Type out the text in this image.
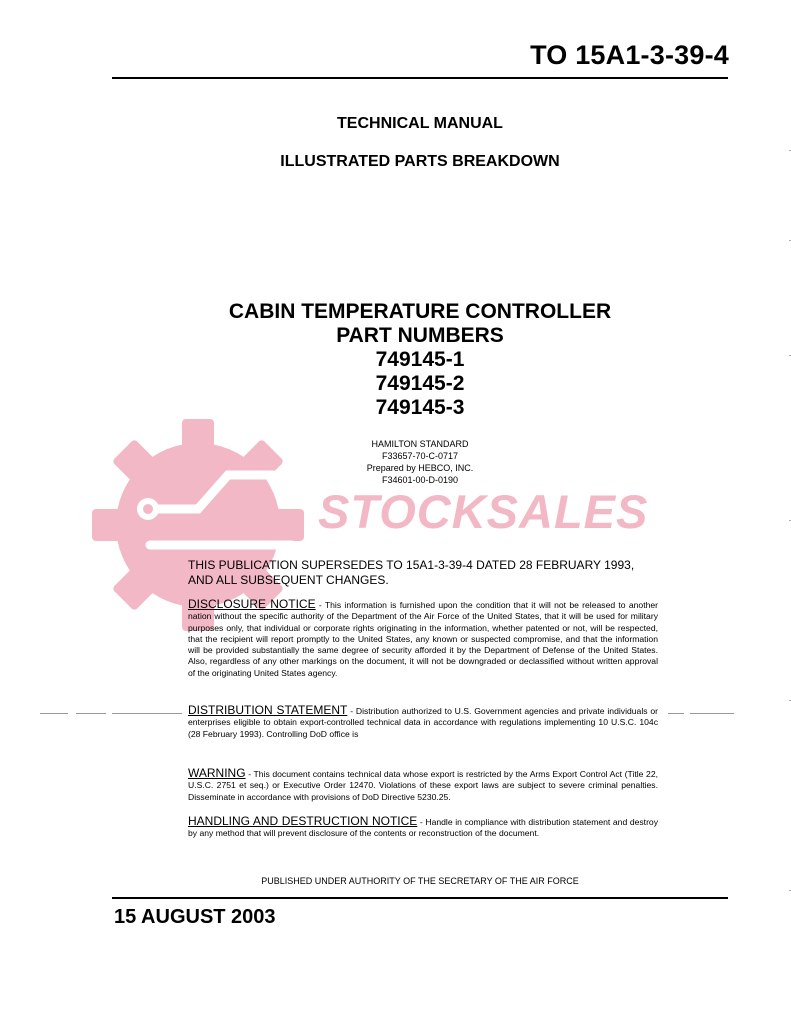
STOCKSALES
TO 15A1-3-39-4
TECHNICAL MANUAL
ILLUSTRATED PARTS BREAKDOWN
CABIN TEMPERATURE CONTROLLER
PART NUMBERS
749145-1
749145-2
749145-3
HAMILTON STANDARD
F33657-70-C-0717
Prepared by HEBCO, INC.
F34601-00-D-0190
THIS PUBLICATION SUPERSEDES TO 15A1-3-39-4 DATED 28 FEBRUARY 1993,
AND ALL SUBSEQUENT CHANGES.
DISCLOSURE NOTICE - This information is furnished upon the condition that it will not be released to another nation without the specific authority of the Department of the Air Force of the United States, that it will be used for military purposes only, that individual or corporate rights originating in the information, whether patented or not, will be respected, that the recipient will report promptly to the United States, any known or suspected compromise, and that the information will be provided substantially the same degree of security afforded it by the Department of Defense of the United States. Also, regardless of any other markings on the document, it will not be downgraded or declassified without written approval of the originating United States agency.
DISTRIBUTION STATEMENT - Distribution authorized to U.S. Government agencies and private individuals or enterprises eligible to obtain export-controlled technical data in accordance with regulations implementing 10 U.S.C. 104c (28 February 1993). Controlling DoD office is
WARNING - This document contains technical data whose export is restricted by the Arms Export Control Act (Title 22, U.S.C. 2751 et seq.) or Executive Order 12470. Violations of these export laws are subject to severe criminal penalties. Disseminate in accordance with provisions of DoD Directive 5230.25.
HANDLING AND DESTRUCTION NOTICE - Handle in compliance with distribution statement and destroy by any method that will prevent disclosure of the contents or reconstruction of the document.
PUBLISHED UNDER AUTHORITY OF THE SECRETARY OF THE AIR FORCE
15 AUGUST 2003
